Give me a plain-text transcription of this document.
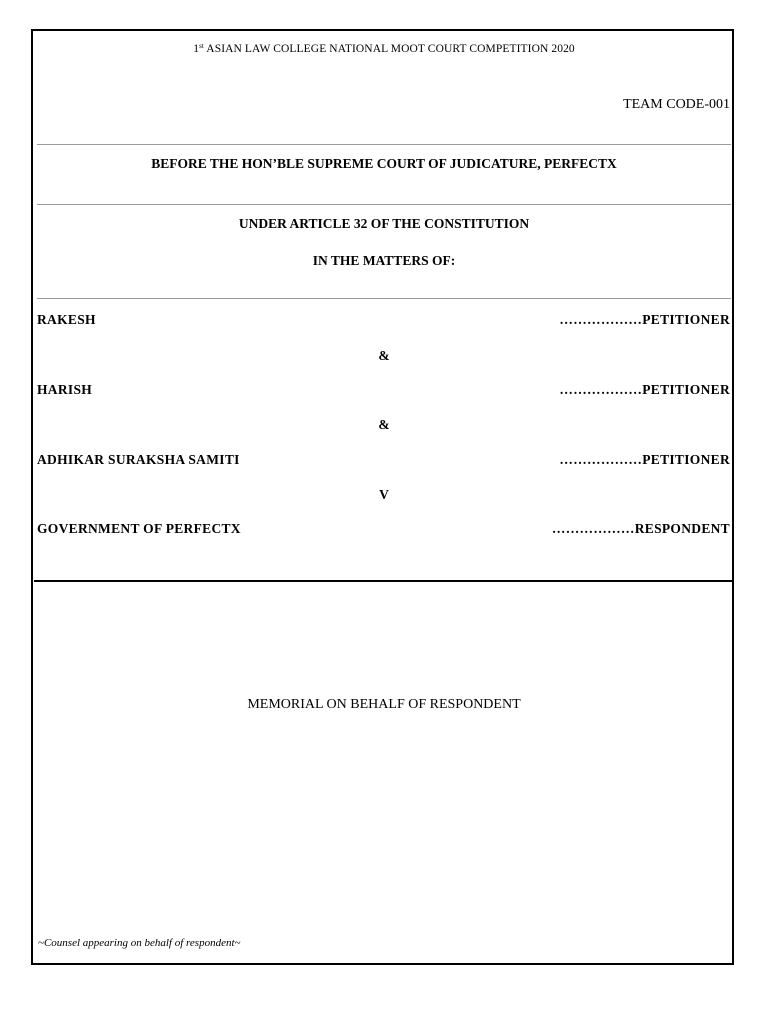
1st ASIAN LAW COLLEGE NATIONAL MOOT COURT COMPETITION 2020
TEAM CODE-001
BEFORE THE HON’BLE SUPREME COURT OF JUDICATURE, PERFECTX
UNDER ARTICLE 32 OF THE CONSTITUTION
IN THE MATTERS OF:
RAKESH	………………PETITIONER
&
HARISH	………………PETITIONER
&
ADHIKAR SURAKSHA SAMITI	………………PETITIONER
V
GOVERNMENT OF PERFECTX	………………RESPONDENT
MEMORIAL ON BEHALF OF RESPONDENT
~Counsel appearing on behalf of respondent~
